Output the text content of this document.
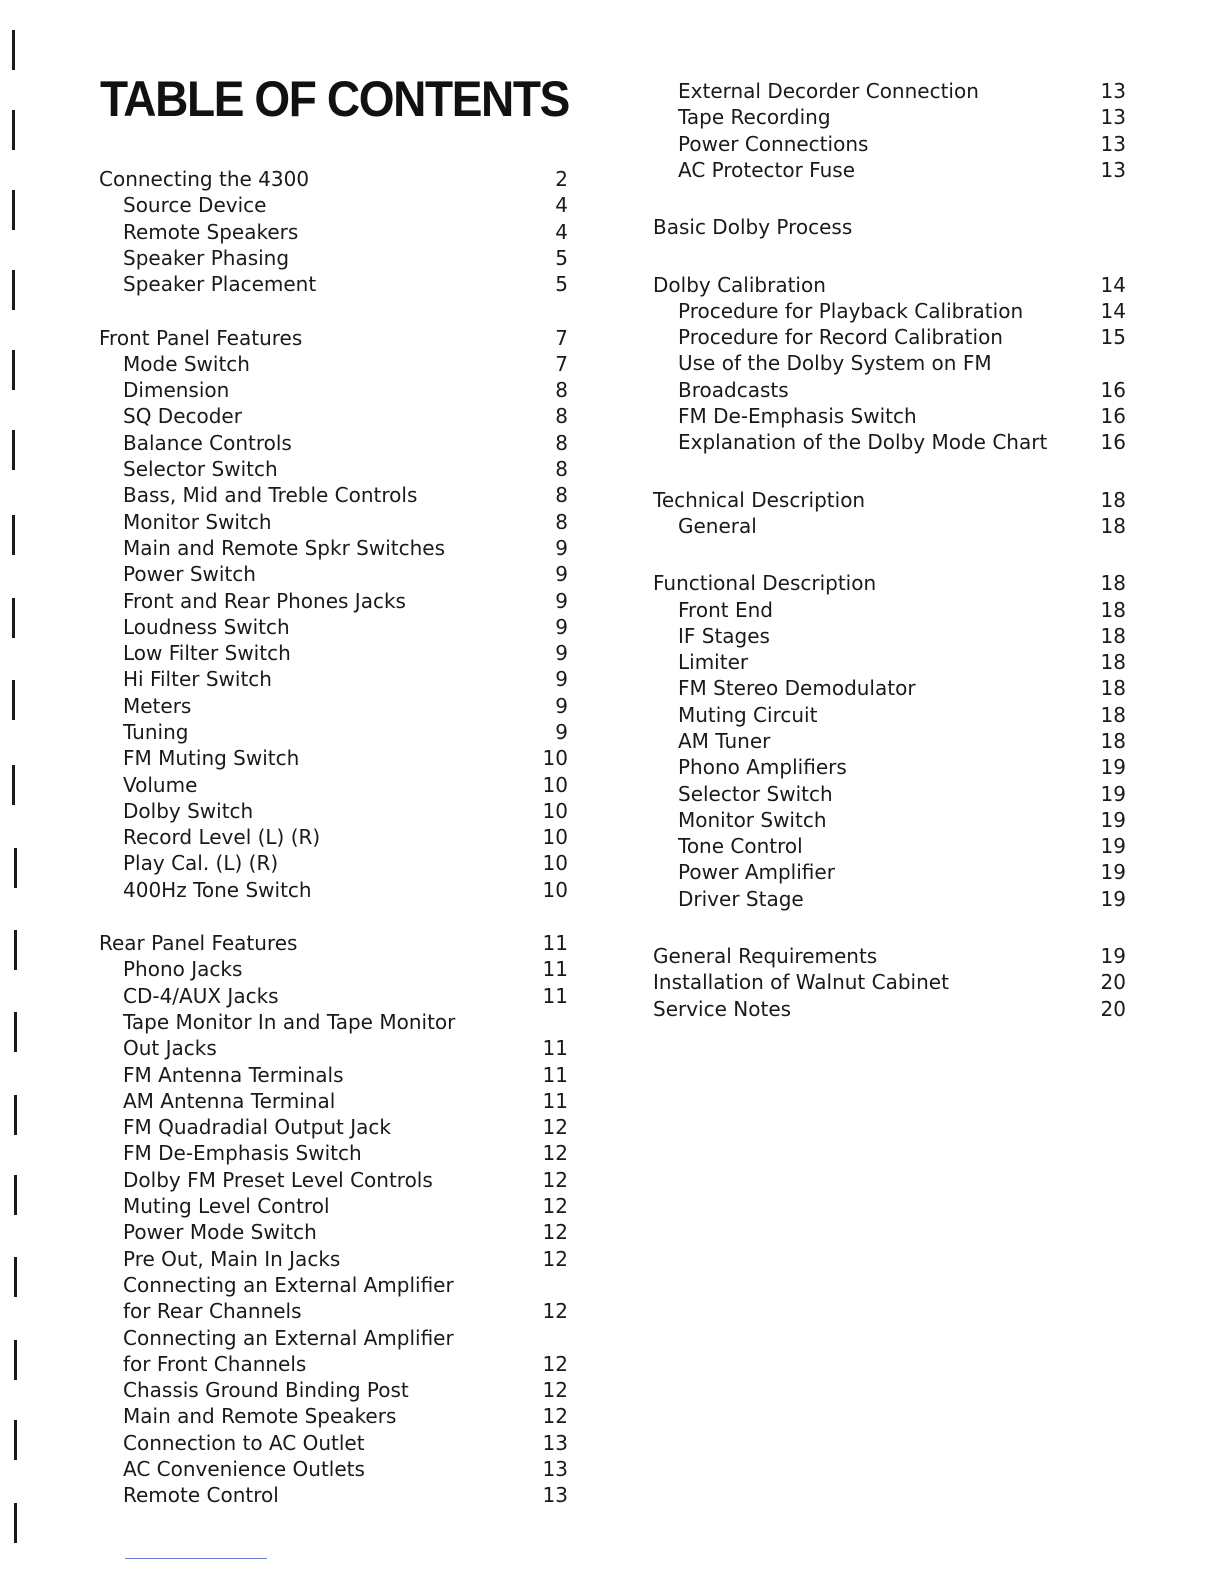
TABLE OF CONTENTS
Connecting the 4300	2
Source Device	4
Remote Speakers	4
Speaker Phasing	5
Speaker Placement	5
Front Panel Features	7
Mode Switch	7
Dimension	8
SQ Decoder	8
Balance Controls	8
Selector Switch	8
Bass, Mid and Treble Controls	8
Monitor Switch	8
Main and Remote Spkr Switches	9
Power Switch	9
Front and Rear Phones Jacks	9
Loudness Switch	9
Low Filter Switch	9
Hi Filter Switch	9
Meters	9
Tuning	9
FM Muting Switch	10
Volume	10
Dolby Switch	10
Record Level (L) (R)	10
Play Cal. (L) (R)	10
400Hz Tone Switch	10
Rear Panel Features	11
Phono Jacks	11
CD-4/AUX Jacks	11
Tape Monitor In and Tape Monitor
Out Jacks	11
FM Antenna Terminals	11
AM Antenna Terminal	11
FM Quadradial Output Jack	12
FM De-Emphasis Switch	12
Dolby FM Preset Level Controls	12
Muting Level Control	12
Power Mode Switch	12
Pre Out, Main In Jacks	12
Connecting an External Amplifier
for Rear Channels	12
Connecting an External Amplifier
for Front Channels	12
Chassis Ground Binding Post	12
Main and Remote Speakers	12
Connection to AC Outlet	13
AC Convenience Outlets	13
Remote Control	13
External Decorder Connection	13
Tape Recording	13
Power Connections	13
AC Protector Fuse	13
Basic Dolby Process
Dolby Calibration	14
Procedure for Playback Calibration	14
Procedure for Record Calibration	15
Use of the Dolby System on FM
Broadcasts	16
FM De-Emphasis Switch	16
Explanation of the Dolby Mode Chart	16
Technical Description	18
General	18
Functional Description	18
Front End	18
IF Stages	18
Limiter	18
FM Stereo Demodulator	18
Muting Circuit	18
AM Tuner	18
Phono Amplifiers	19
Selector Switch	19
Monitor Switch	19
Tone Control	19
Power Amplifier	19
Driver Stage	19
General Requirements	19
Installation of Walnut Cabinet	20
Service Notes	20
